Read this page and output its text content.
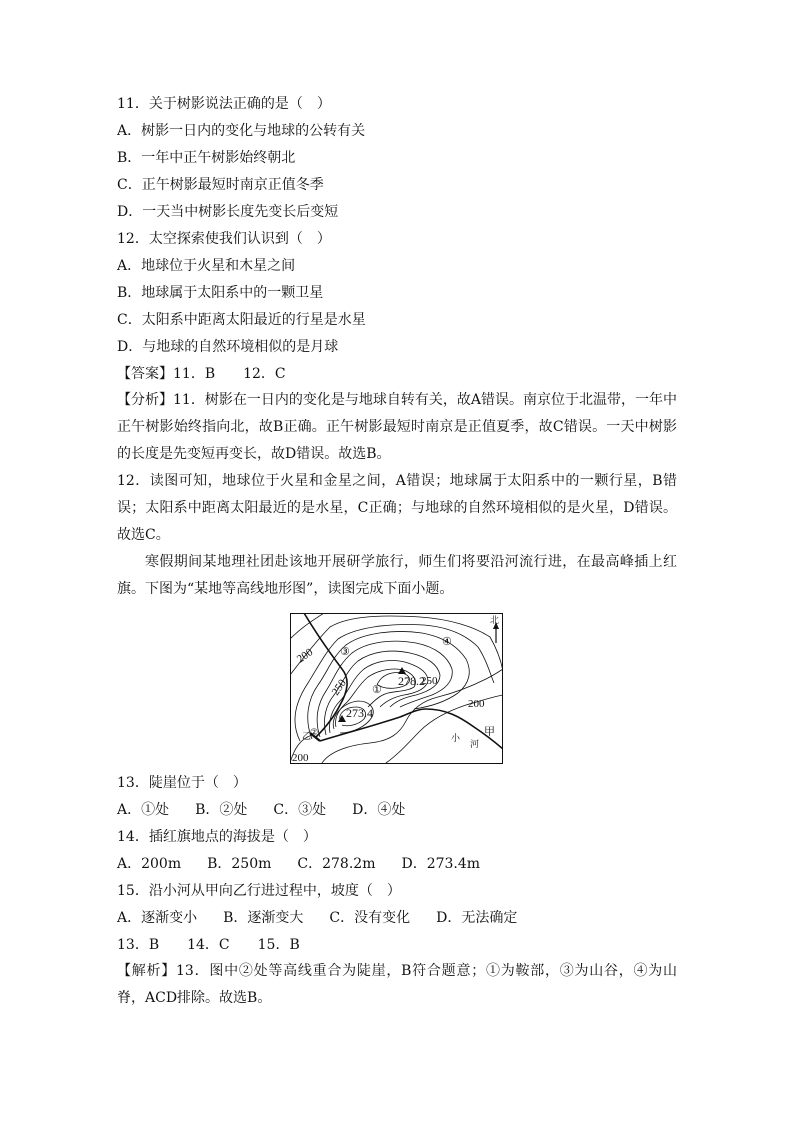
11．关于树影说法正确的是（　）
A．树影一日内的变化与地球的公转有关
B．一年中正午树影始终朝北
C．正午树影最短时南京正值冬季
D．一天当中树影长度先变长后变短
12．太空探索使我们认识到（　）
A．地球位于火星和木星之间
B．地球属于太阳系中的一颗卫星
C．太阳系中距离太阳最近的行星是水星
D．与地球的自然环境相似的是月球
【答案】11．B　　12．C
【分析】11．树影在一日内的变化是与地球自转有关，故A错误。南京位于北温带，一年中正午树影始终指向北，故B正确。正午树影最短时南京是正值夏季，故C错误。一天中树影的长度是先变短再变长，故D错误。故选B。
12．读图可知，地球位于火星和金星之间，A错误；地球属于太阳系中的一颗行星，B错误；太阳系中距离太阳最近的是水星，C正确；与地球的自然环境相似的是火星，D错误。故选C。
寒假期间某地理社团赴该地开展研学旅行，师生们将要沿河流行进，在最高峰插上红旗。下图为“某地等高线地形图”，读图完成下面小题。
北
278.2
273.4
250
250
200
200
200
①
②
③
④
甲
乙	小
河
13．陡崖位于（　）
A．①处 B．②处 C．③处 D．④处
14．插红旗地点的海拔是（　）
A．200m B．250m C．278.2m D．273.4m
15．沿小河从甲向乙行进过程中，坡度（　）
A．逐渐变小 B．逐渐变大 C．没有变化 D．无法确定
13．B　　14．C　　15．B
【解析】13．图中②处等高线重合为陡崖，B符合题意；①为鞍部，③为山谷，④为山脊，ACD排除。故选B。
